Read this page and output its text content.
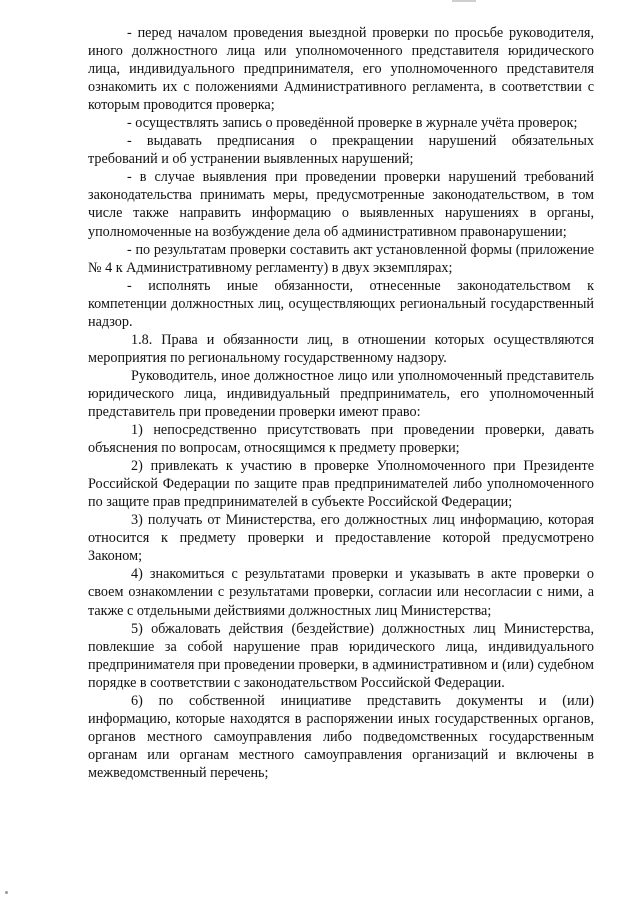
- перед началом проведения выездной проверки по просьбе руководителя, иного должностного лица или уполномоченного представителя юридического лица, индивидуального предпринимателя, его уполномоченного представителя ознакомить их с положениями Административного регламента, в соответствии с которым проводится проверка;

- осуществлять запись о проведённой проверке в журнале учёта проверок;

- выдавать предписания о прекращении нарушений обязательных требований и об устранении выявленных нарушений;

- в случае выявления при проведении проверки нарушений требований законодательства принимать меры, предусмотренные законодательством, в том числе также направить информацию о выявленных нарушениях в органы, уполномоченные на возбуждение дела об административном правонарушении;

- по результатам проверки составить акт установленной формы (приложение № 4 к Административному регламенту) в двух экземплярах;

- исполнять иные обязанности, отнесенные законодательством к компетенции должностных лиц, осуществляющих региональный государственный надзор.

1.8. Права и обязанности лиц, в отношении которых осуществляются мероприятия по региональному государственному надзору.

Руководитель, иное должностное лицо или уполномоченный представитель юридического лица, индивидуальный предприниматель, его уполномоченный представитель при проведении проверки имеют право:

1) непосредственно присутствовать при проведении проверки, давать объяснения по вопросам, относящимся к предмету проверки;

2) привлекать к участию в проверке Уполномоченного при Президенте Российской Федерации по защите прав предпринимателей либо уполномоченного по защите прав предпринимателей в субъекте Российской Федерации;

3) получать от Министерства, его должностных лиц информацию, которая относится к предмету проверки и предоставление которой предусмотрено Законом;

4) знакомиться с результатами проверки и указывать в акте проверки о своем ознакомлении с результатами проверки, согласии или несогласии с ними, а также с отдельными действиями должностных лиц Министерства;

5) обжаловать действия (бездействие) должностных лиц Министерства, повлекшие за собой нарушение прав юридического лица, индивидуального предпринимателя при проведении проверки, в административном и (или) судебном порядке в соответствии с законодательством Российской Федерации.

6) по собственной инициативе представить документы и (или) информацию, которые находятся в распоряжении иных государственных органов, органов местного самоуправления либо подведомственных государственным органам или органам местного самоуправления организаций и включены в межведомственный перечень;
